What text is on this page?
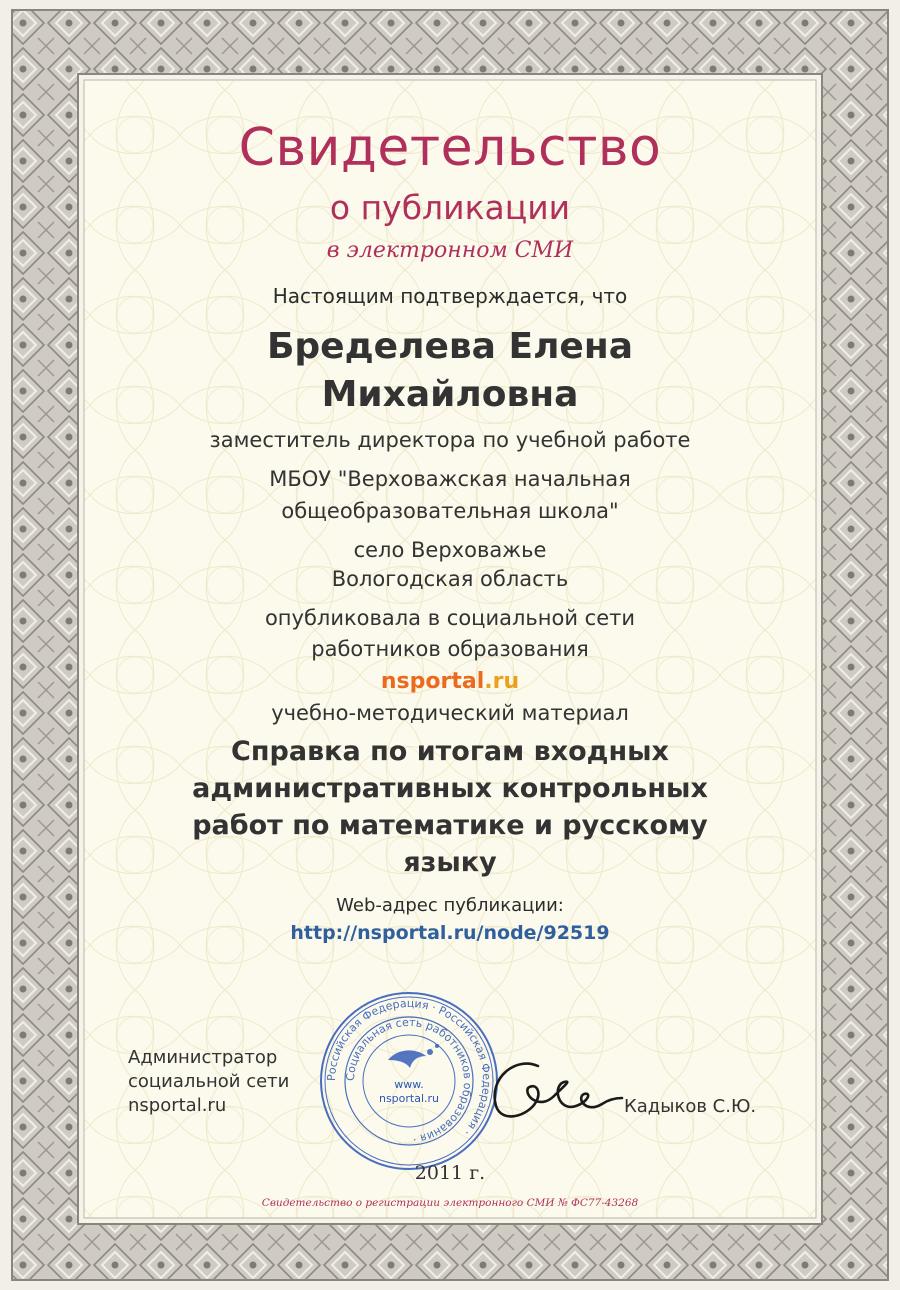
Свидетельство
о публикации
в электронном СМИ
Настоящим подтверждается, что
Бределева Елена
Михайловна
заместитель директора по учебной работе
МБОУ "Верховажская начальная
общеобразовательная школа"
село Верховажье
Вологодская область
опубликовала в социальной сети
работников образования
nsportal.ru
учебно-методический материал
Справка по итогам входных
административных контрольных
работ по математике и русскому
языку
Web-адрес публикации:
http://nsportal.ru/node/92519
Администратор
социальной сети
nsportal.ru
Российская Федерация · Российская Федерация ·
Социальная сеть работников образования ·
www.
nsportal.ru	Кадыков С.Ю.
2011 г.
Свидетельство о регистрации электронного СМИ № ФС77-43268
